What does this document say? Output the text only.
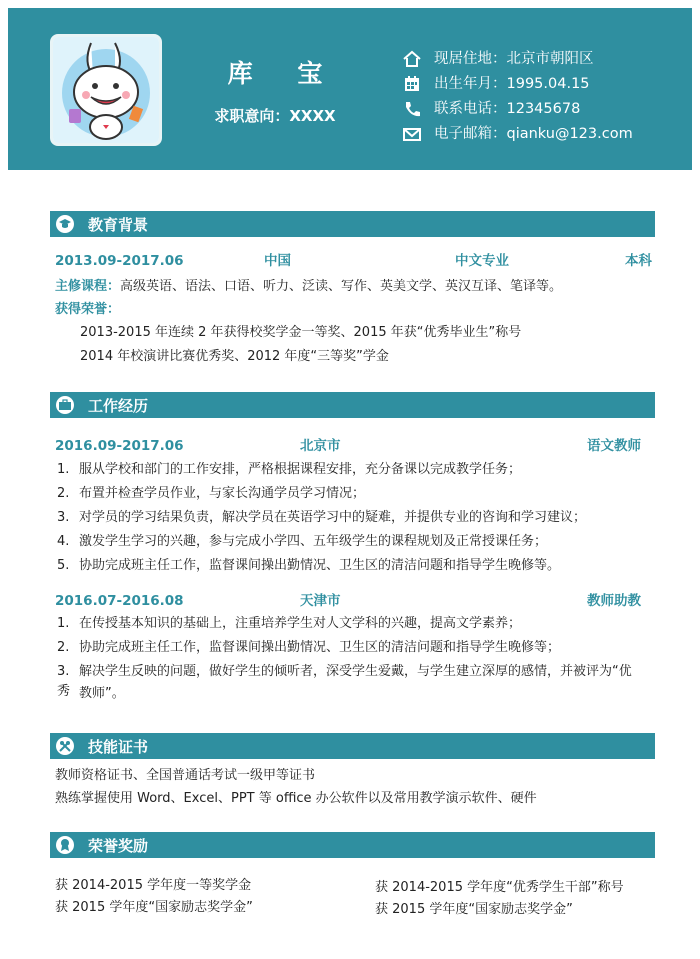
库 宝
求职意向：XXXX
现居住地：北京市朝阳区
出生年月：1995.04.15
联系电话：12345678
电子邮箱：qianku@123.com
教育背景
2013.09-2017.06	中国	中文专业	本科
主修课程：高级英语、语法、口语、听力、泛读、写作、英美文学、英汉互译、笔译等。
获得荣誉：
2013-2015 年连续 2 年获得校奖学金一等奖、2015 年获“优秀毕业生”称号
2014 年校演讲比赛优秀奖、2012 年度“三等奖”学金
工作经历
2016.09-2017.06	北京市	语文教师
1. 服从学校和部门的工作安排，严格根据课程安排，充分备课以完成教学任务；
2. 布置并检查学员作业，与家长沟通学员学习情况；
3. 对学员的学习结果负责，解决学员在英语学习中的疑难，并提供专业的咨询和学习建议；
4. 激发学生学习的兴趣，参与完成小学四、五年级学生的课程规划及正常授课任务；
5. 协助完成班主任工作，监督课间操出勤情况、卫生区的清洁问题和指导学生晚修等。
2016.07-2016.08	天津市	教师助教
1. 在传授基本知识的基础上，注重培养学生对人文学科的兴趣，提高文学素养；
2. 协助完成班主任工作，监督课间操出勤情况、卫生区的清洁问题和指导学生晚修等；
3. 解决学生反映的问题，做好学生的倾听者，深受学生爱戴，与学生建立深厚的感情，并被评为“优秀 教师”。
技能证书
教师资格证书、全国普通话考试一级甲等证书
熟练掌握使用 Word、Excel、PPT 等 office 办公软件以及常用教学演示软件、硬件
荣誉奖励
获 2014-2015 学年度一等奖学金
获 2015 学年度“国家励志奖学金”
获 2014-2015 学年度“优秀学生干部”称号
获 2015 学年度“国家励志奖学金”
